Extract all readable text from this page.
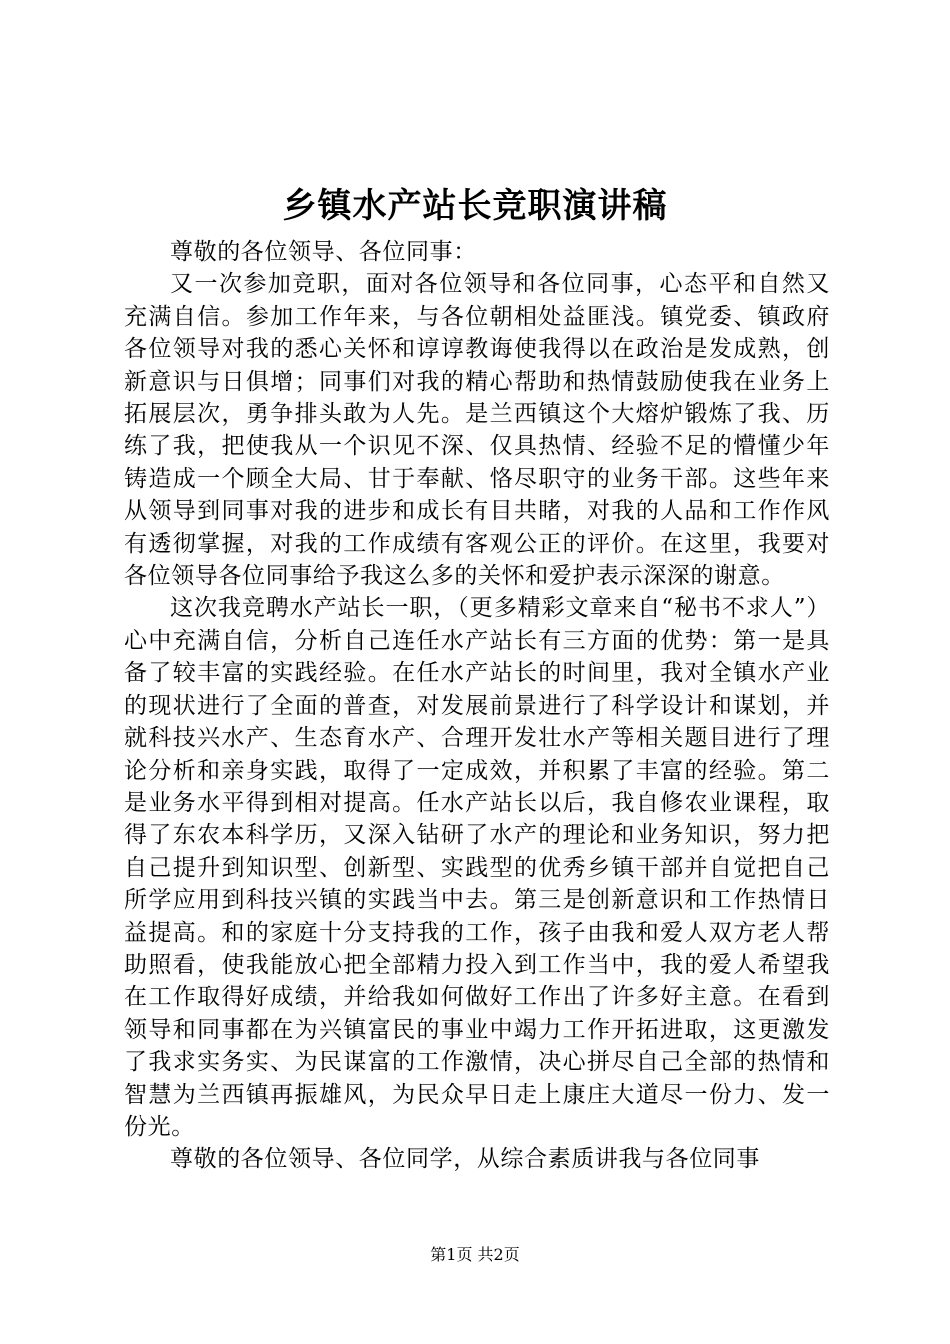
乡镇水产站长竞职演讲稿

尊敬的各位领导、各位同事：

又一次参加竞职，面对各位领导和各位同事，心态平和自然又充满自信。参加工作年来，与各位朝相处益匪浅。镇党委、镇政府各位领导对我的悉心关怀和谆谆教诲使我得以在政治是发成熟，创新意识与日俱增；同事们对我的精心帮助和热情鼓励使我在业务上拓展层次，勇争排头敢为人先。是兰西镇这个大熔炉锻炼了我、历练了我，把使我从一个识见不深、仅具热情、经验不足的懵懂少年铸造成一个顾全大局、甘于奉献、恪尽职守的业务干部。这些年来从领导到同事对我的进步和成长有目共睹，对我的人品和工作作风有透彻掌握，对我的工作成绩有客观公正的评价。在这里，我要对各位领导各位同事给予我这么多的关怀和爱护表示深深的谢意。

这次我竞聘水产站长一职，（更多精彩文章来自“秘书不求人”）心中充满自信，分析自己连任水产站长有三方面的优势：第一是具备了较丰富的实践经验。在任水产站长的时间里，我对全镇水产业的现状进行了全面的普查，对发展前景进行了科学设计和谋划，并就科技兴水产、生态育水产、合理开发壮水产等相关题目进行了理论分析和亲身实践，取得了一定成效，并积累了丰富的经验。第二是业务水平得到相对提高。任水产站长以后，我自修农业课程，取得了东农本科学历，又深入钻研了水产的理论和业务知识，努力把自己提升到知识型、创新型、实践型的优秀乡镇干部并自觉把自己所学应用到科技兴镇的实践当中去。第三是创新意识和工作热情日益提高。和的家庭十分支持我的工作，孩子由我和爱人双方老人帮助照看，使我能放心把全部精力投入到工作当中，我的爱人希望我在工作取得好成绩，并给我如何做好工作出了许多好主意。在看到领导和同事都在为兴镇富民的事业中竭力工作开拓进取，这更激发了我求实务实、为民谋富的工作激情，决心拼尽自己全部的热情和智慧为兰西镇再振雄风，为民众早日走上康庄大道尽一份力、发一份光。

尊敬的各位领导、各位同学，从综合素质讲我与各位同事

第1页 共2页
